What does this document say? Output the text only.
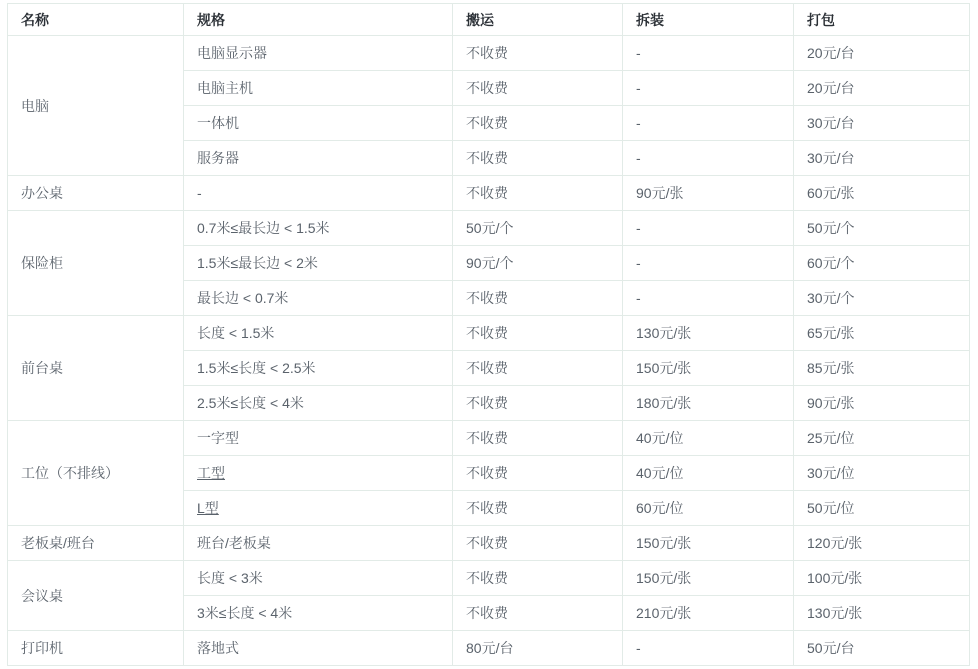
名称	规格	搬运	拆装	打包
电脑	电脑显示器	不收费	-	20元/台
	电脑主机	不收费	-	20元/台
	一体机	不收费	-	30元/台
	服务器	不收费	-	30元/台
办公桌	-	不收费	90元/张	60元/张
保险柜	0.7米≤最长边 < 1.5米	50元/个	-	50元/个
	1.5米≤最长边 < 2米	90元/个	-	60元/个
	最长边 < 0.7米	不收费	-	30元/个
前台桌	长度 < 1.5米	不收费	130元/张	65元/张
	1.5米≤长度 < 2.5米	不收费	150元/张	85元/张
	2.5米≤长度 < 4米	不收费	180元/张	90元/张
工位（不排线）	一字型	不收费	40元/位	25元/位
	工型	不收费	40元/位	30元/位
	L型	不收费	60元/位	50元/位
老板桌/班台	班台/老板桌	不收费	150元/张	120元/张
会议桌	长度 < 3米	不收费	150元/张	100元/张
	3米≤长度 < 4米	不收费	210元/张	130元/张
打印机	落地式	80元/台	-	50元/台
